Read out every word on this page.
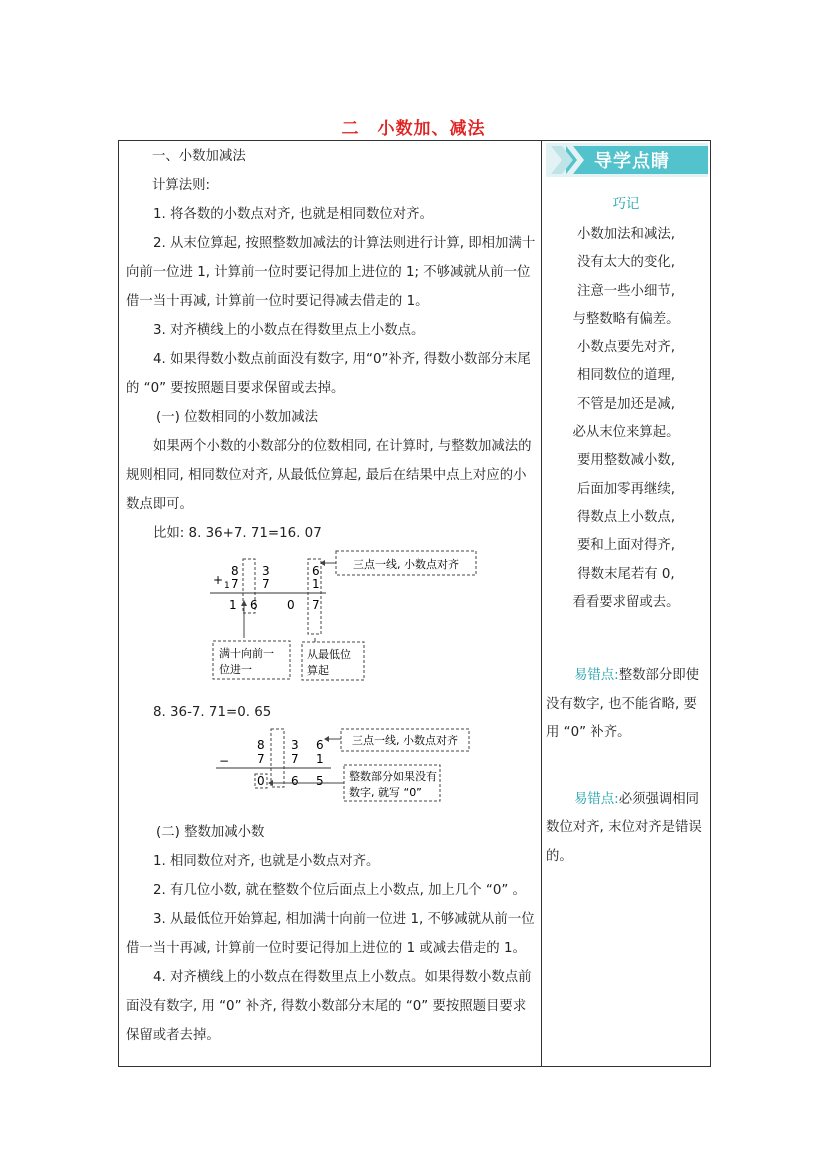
二　小数加、减法

一、小数加减法

计算法则:

1. 将各数的小数点对齐, 也就是相同数位对齐。

2. 从末位算起, 按照整数加减法的计算法则进行计算, 即相加满十向前一位进 1, 计算前一位时要记得加上进位的 1; 不够减就从前一位借一当十再减, 计算前一位时要记得减去借走的 1。

3. 对齐横线上的小数点在得数里点上小数点。

4. 如果得数小数点前面没有数字, 用“0”补齐, 得数小数部分末尾的 “0” 要按照题目要求保留或去掉。

(一) 位数相同的小数加减法

如果两个小数的小数部分的位数相同, 在计算时, 与整数加减法的规则相同, 相同数位对齐, 从最低位算起, 最后在结果中点上对应的小数点即可。

比如: 8. 36+7. 71=16. 07

三点一线, 小数点对齐
+ 1
8 3	6
7 7	1
1 6 0 7
满十向前一
位进一
从最低位
算起

8. 36-7. 71=0. 65

三点一线, 小数点对齐
−
8 3 6
7 7 1
0 6 5 整数部分如果没有
数字, 就写 “0”

(二) 整数加减小数

1. 相同数位对齐, 也就是小数点对齐。

2. 有几位小数, 就在整数个位后面点上小数点, 加上几个 “0” 。

3. 从最低位开始算起, 相加满十向前一位进 1, 不够减就从前一位借一当十再减, 计算前一位时要记得加上进位的 1 或减去借走的 1。

4. 对齐横线上的小数点在得数里点上小数点。如果得数小数点前面没有数字, 用 “0” 补齐, 得数小数部分末尾的 “0” 要按照题目要求保留或者去掉。

导学点睛
巧记
小数加法和减法,
没有太大的变化,
注意一些小细节,
与整数略有偏差。
小数点要先对齐,
相同数位的道理,
不管是加还是减,
必从末位来算起。
要用整数减小数,
后面加零再继续,
得数点上小数点,
要和上面对得齐,
得数末尾若有 0,
看看要求留或去。

易错点:整数部分即使没有数字, 也不能省略, 要用 “0” 补齐。

易错点:必须强调相同数位对齐, 末位对齐是错误的。
